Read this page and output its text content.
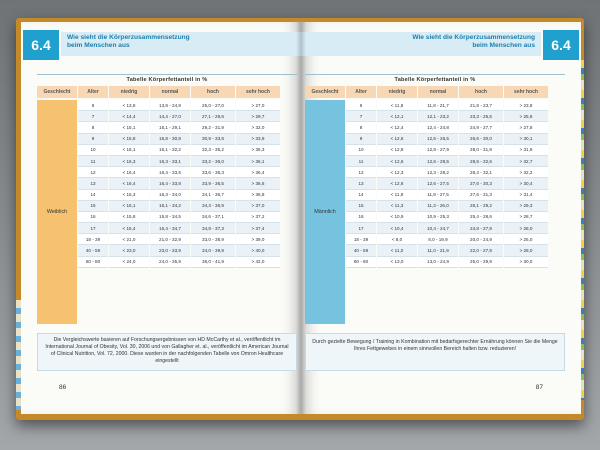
6.4	Wie sieht die Körperzusammensetzung
beim Menschen aus
Tabelle Körperfettanteil in %
Geschlecht	Alter	niedrig	normal	hoch	sehr hoch
6	< 13,8	13,8 - 24,9	25,0 - 27,0	> 27,0
7	< 14,4	14,4 - 27,0	27,1 - 29,6	> 29,7
8	< 15,1	15,1 - 29,1	29,2 - 31,9	> 32,0
9	< 15,8	15,8 - 30,8	30,9 - 33,8	> 33,9
10	< 16,1	16,1 - 32,2	32,3 - 35,2	> 35,3
11	< 16,3	16,3 - 33,1	33,2 - 36,0	> 36,1
12	< 16,4	16,4 - 33,5	33,6 - 36,3	> 36,4
13	< 16,4	16,4 - 33,8	33,9 - 36,5	> 36,6
14	< 16,3	16,3 - 34,0	34,1 - 36,7	> 36,8
15	< 16,1	16,1 - 34,2	34,3 - 36,9	> 37,0
16	< 15,8	15,8 - 34,5	34,6 - 37,1	> 37,2
17	< 15,4	15,4 - 34,7	34,8 - 37,3	> 37,4
18 - 39	< 21,0	21,0 - 32,9	33,0 - 38,9	> 39,0
40 - 59	< 23,0	23,0 - 33,9	34,0 - 39,9	> 40,0
60 - 80	< 24,0	24,0 - 35,9	36,0 - 41,9	> 42,0
Weiblich
Die Vergleichswerte basieren auf Forschungsergebnissen von HD McCarthy et al., veröffentlicht im International Journal of Obesity, Vol. 30, 2006 und von Gallagher et. al., veröffentlicht im American Journal of Clinical Nutrition, Vol. 72, 2000. Diese wurden in der nachfolgenden Tabelle von Omron Healthcare eingestellt
86
6.4
Wie sieht die Körperzusammensetzung
beim Menschen aus
Tabelle Körperfettanteil in %
Geschlecht	Alter	niedrig	normal	hoch	sehr hoch
6	< 11,8	11,8 - 21,7	21,8 - 23,7	> 23,8
7	< 12,1	12,1 - 23,2	23,3 - 25,5	> 25,6
8	< 12,4	12,4 - 24,8	24,9 - 27,7	> 27,8
9	< 12,6	12,6 - 26,5	26,6 - 30,0	> 30,1
10	< 12,8	12,8 - 27,9	28,0 - 31,8	> 31,9
11	< 12,6	12,6 - 28,5	28,6 - 32,6	> 32,7
12	< 12,3	12,3 - 28,2	28,3 - 32,1	> 32,2
13	< 12,6	12,6 - 27,5	27,6 - 30,3	> 30,4
14	< 11,9	11,9 - 27,5	27,6 - 31,3	> 31,4
15	< 11,3	11,3 - 26,0	26,1 - 29,2	> 29,3
16	< 10,9	10,9 - 25,3	25,4 - 28,6	> 28,7
17	< 10,4	10,4 - 24,7	24,8 - 27,9	> 28,0
18 - 39	< 8,0	8,0 - 19,9	20,0 - 24,9	> 25,0
40 - 59	< 11,0	11,0 - 21,9	22,0 - 27,9	> 28,0
60 - 80	< 13,0	13,0 - 24,9	25,0 - 29,9	> 30,0
Männlich
Durch gezielte Bewegung / Training in Kombination mit bedarfsgerechter Ernährung können Sie die Menge Ihres Fettgewebes in einem sinnvollen Bereich halten bzw. reduzieren!
87
